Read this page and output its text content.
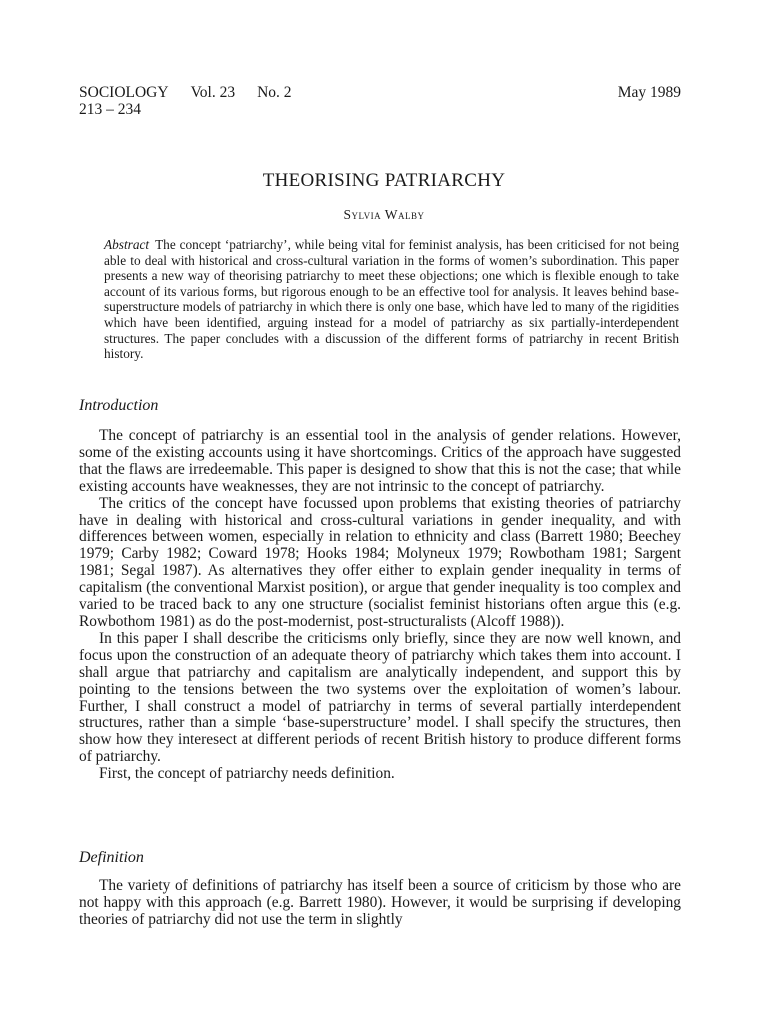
SOCIOLOGY Vol. 23 No. 2	May 1989
213 – 234
THEORISING PATRIARCHY
Sylvia Walby

Abstract The concept ‘patriarchy’, while being vital for feminist analysis, has been criticised for not being able to deal with historical and cross-cultural variation in the forms of women’s subordination. This paper presents a new way of theorising patriarchy to meet these objections; one which is flexible enough to take account of its various forms, but rigorous enough to be an effective tool for analysis. It leaves behind base-superstructure models of patriarchy in which there is only one base, which have led to many of the rigidities which have been identified, arguing instead for a model of patriarchy as six partially-interdependent structures. The paper concludes with a discussion of the different forms of patriarchy in recent British history.

Introduction

The concept of patriarchy is an essential tool in the analysis of gender relations. However, some of the existing accounts using it have shortcomings. Critics of the approach have suggested that the flaws are irredeemable. This paper is designed to show that this is not the case; that while existing accounts have weaknesses, they are not intrinsic to the concept of patriarchy.

The critics of the concept have focussed upon problems that existing theories of patriarchy have in dealing with historical and cross-cultural variations in gender inequality, and with differences between women, especially in relation to ethnicity and class (Barrett 1980; Beechey 1979; Carby 1982; Coward 1978; Hooks 1984; Molyneux 1979; Rowbotham 1981; Sargent 1981; Segal 1987). As alternatives they offer either to explain gender inequality in terms of capitalism (the conventional Marxist position), or argue that gender inequality is too complex and varied to be traced back to any one structure (socialist feminist historians often argue this (e.g. Rowbothom 1981) as do the post-modernist, post-structuralists (Alcoff 1988)).

In this paper I shall describe the criticisms only briefly, since they are now well known, and focus upon the construction of an adequate theory of patriarchy which takes them into account. I shall argue that patriarchy and capitalism are analytically independent, and support this by pointing to the tensions between the two systems over the exploitation of women’s labour. Further, I shall construct a model of patriarchy in terms of several partially interdependent structures, rather than a simple ‘base-superstructure’ model. I shall specify the structures, then show how they interesect at different periods of recent British history to produce different forms of patriarchy.

First, the concept of patriarchy needs definition.

Definition

The variety of definitions of patriarchy has itself been a source of criticism by those who are not happy with this approach (e.g. Barrett 1980). However, it would be surprising if developing theories of patriarchy did not use the term in slightly
